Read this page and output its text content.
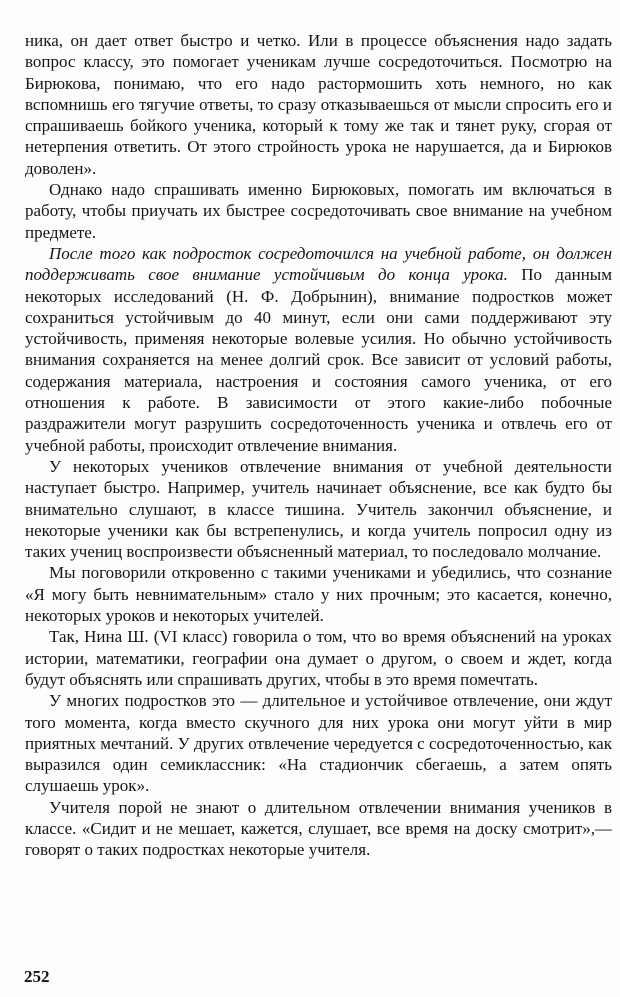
ника, он дает ответ быстро и четко. Или в процессе объяснения надо задать вопрос классу, это помогает ученикам лучше сосредоточиться. Посмотрю на Бирюкова, понимаю, что его надо растормошить хоть немного, но как вспомнишь его тягучие ответы, то сразу отказываешься от мысли спросить его и спрашиваешь бойкого ученика, который к тому же так и тянет руку, сгорая от нетерпения ответить. От этого стройность урока не нарушается, да и Бирюков доволен».

Однако надо спрашивать именно Бирюковых, помогать им включаться в работу, чтобы приучать их быстрее сосредоточивать свое внимание на учебном предмете.

После того как подросток сосредоточился на учебной работе, он должен поддерживать свое внимание устойчивым до конца урока. По данным некоторых исследований (Н. Ф. Добрынин), внимание подростков может сохраниться устойчивым до 40 минут, если они сами поддерживают эту устойчивость, применяя некоторые волевые усилия. Но обычно устойчивость внимания сохраняется на менее долгий срок. Все зависит от условий работы, содержания материала, настроения и состояния самого ученика, от его отношения к работе. В зависимости от этого какие-либо побочные раздражители могут разрушить сосредоточенность ученика и отвлечь его от учебной работы, происходит отвлечение внимания.

У некоторых учеников отвлечение внимания от учебной деятельности наступает быстро. Например, учитель начинает объяснение, все как будто бы внимательно слушают, в классе тишина. Учитель закончил объяснение, и некоторые ученики как бы встрепенулись, и когда учитель попросил одну из таких учениц воспроизвести объясненный материал, то последовало молчание.

Мы поговорили откровенно с такими учениками и убедились, что сознание «Я могу быть невнимательным» стало у них прочным; это касается, конечно, некоторых уроков и некоторых учителей.

Так, Нина Ш. (VI класс) говорила о том, что во время объяснений на уроках истории, математики, географии она думает о другом, о своем и ждет, когда будут объяснять или спрашивать других, чтобы в это время помечтать.

У многих подростков это — длительное и устойчивое отвлечение, они ждут того момента, когда вместо скучного для них урока они могут уйти в мир приятных мечтаний. У других отвлечение чередуется с сосредоточенностью, как выразился один семиклассник: «На стадиончик сбегаешь, а затем опять слушаешь урок».

Учителя порой не знают о длительном отвлечении внимания учеников в классе. «Сидит и не мешает, кажется, слушает, все время на доску смотрит»,— говорят о таких подростках некоторые учителя.

252
